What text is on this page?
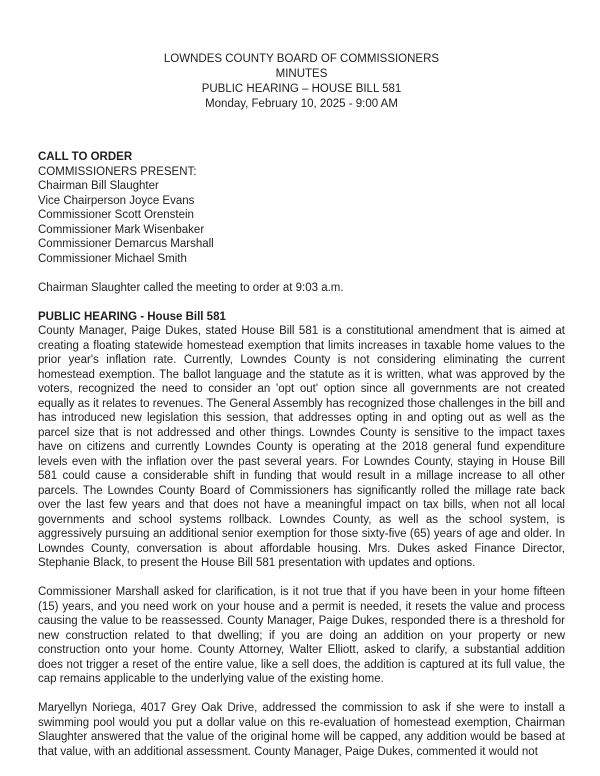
LOWNDES COUNTY BOARD OF COMMISSIONERS
MINUTES
PUBLIC HEARING – HOUSE BILL 581
Monday, February 10, 2025 - 9:00 AM
CALL TO ORDER
COMMISSIONERS PRESENT:
Chairman Bill Slaughter
Vice Chairperson Joyce Evans
Commissioner Scott Orenstein
Commissioner Mark Wisenbaker
Commissioner Demarcus Marshall
Commissioner Michael Smith
Chairman Slaughter called the meeting to order at 9:03 a.m.
PUBLIC HEARING - House Bill 581

County Manager, Paige Dukes, stated House Bill 581 is a constitutional amendment that is aimed at creating a floating statewide homestead exemption that limits increases in taxable home values to the prior year's inflation rate. Currently, Lowndes County is not considering eliminating the current homestead exemption. The ballot language and the statute as it is written, what was approved by the voters, recognized the need to consider an 'opt out' option since all governments are not created equally as it relates to revenues. The General Assembly has recognized those challenges in the bill and has introduced new legislation this session, that addresses opting in and opting out as well as the parcel size that is not addressed and other things. Lowndes County is sensitive to the impact taxes have on citizens and currently Lowndes County is operating at the 2018 general fund expenditure levels even with the inflation over the past several years. For Lowndes County, staying in House Bill 581 could cause a considerable shift in funding that would result in a millage increase to all other parcels. The Lowndes County Board of Commissioners has significantly rolled the millage rate back over the last few years and that does not have a meaningful impact on tax bills, when not all local governments and school systems rollback. Lowndes County, as well as the school system, is aggressively pursuing an additional senior exemption for those sixty-five (65) years of age and older. In Lowndes County, conversation is about affordable housing. Mrs. Dukes asked Finance Director, Stephanie Black, to present the House Bill 581 presentation with updates and options.

Commissioner Marshall asked for clarification, is it not true that if you have been in your home fifteen (15) years, and you need work on your house and a permit is needed, it resets the value and process causing the value to be reassessed. County Manager, Paige Dukes, responded there is a threshold for new construction related to that dwelling; if you are doing an addition on your property or new construction onto your home. County Attorney, Walter Elliott, asked to clarify, a substantial addition does not trigger a reset of the entire value, like a sell does, the addition is captured at its full value, the cap remains applicable to the underlying value of the existing home.

Maryellyn Noriega, 4017 Grey Oak Drive, addressed the commission to ask if she were to install a swimming pool would you put a dollar value on this re-evaluation of homestead exemption, Chairman Slaughter answered that the value of the original home will be capped, any addition would be based at that value, with an additional assessment. County Manager, Paige Dukes, commented it would not
